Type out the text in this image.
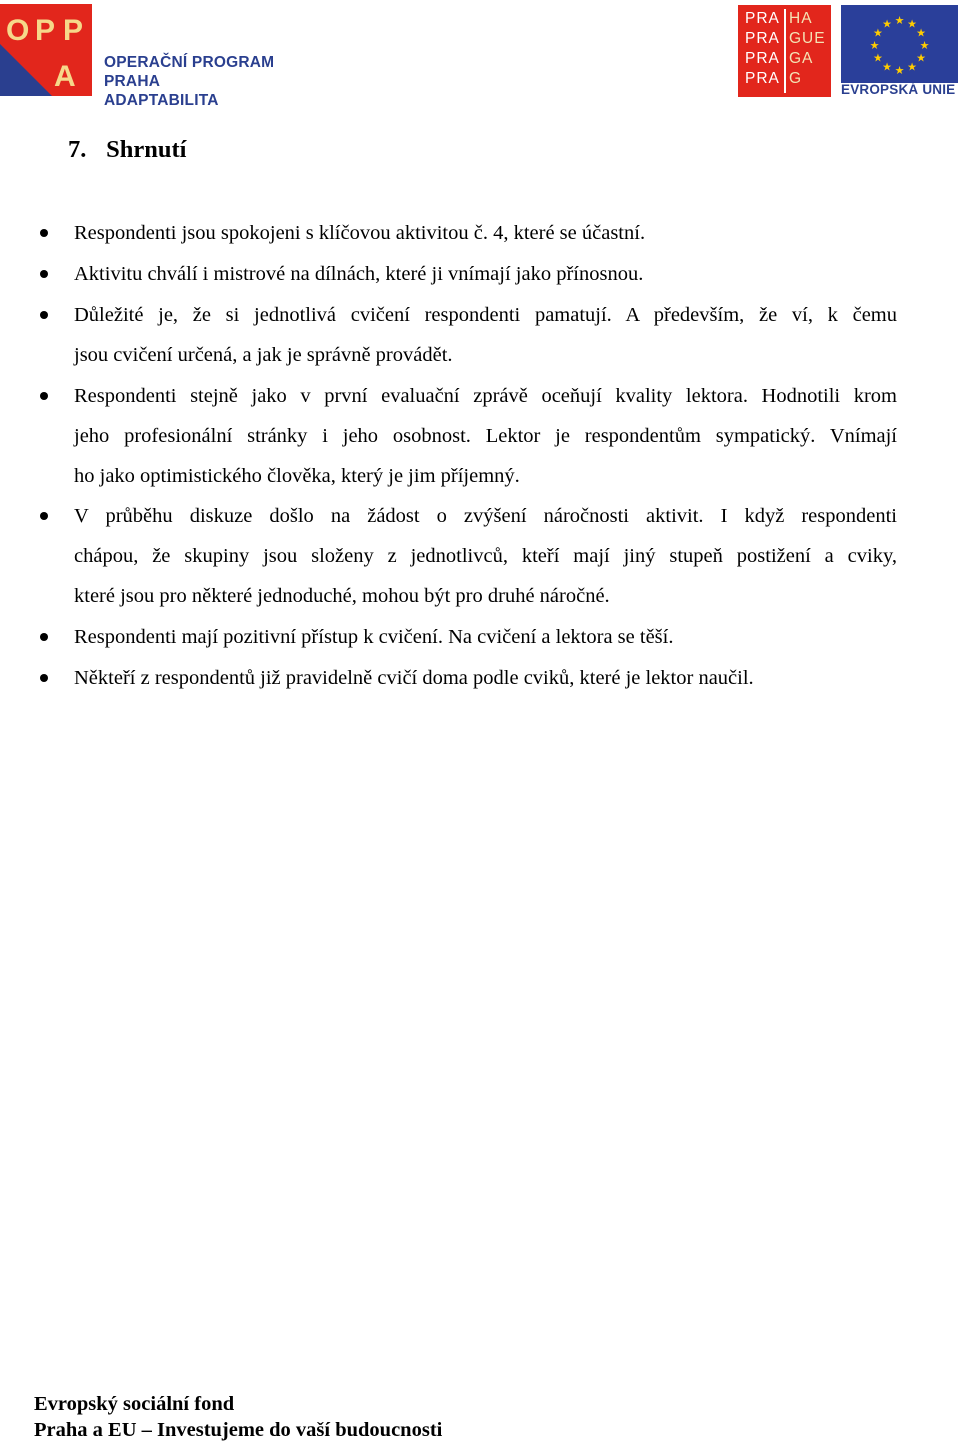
O P P
A OPERAČNÍ PROGRAM PRAHA
ADAPTABILITA
PRA HA
PRA GUE
PRA GA
PRA G
★ ★
★
★
★
★
★
★
★
★
★
★
EVROPSKÁ UNIE
7. Shrnutí
Respondenti jsou spokojeni s klíčovou aktivitou č. 4, které se účastní.
Aktivitu chválí i mistrové na dílnách, které ji vnímají jako přínosnou.
Důležité je, že si jednotlivá cvičení respondenti pamatují. A především, že ví, k čemu
jsou cvičení určená, a jak je správně provádět.
Respondenti stejně jako v první evaluační zprávě oceňují kvality lektora. Hodnotili krom
jeho profesionální stránky i jeho osobnost. Lektor je respondentům sympatický. Vnímají
ho jako optimistického člověka, který je jim příjemný.
V průběhu diskuze došlo na žádost o zvýšení náročnosti aktivit. I když respondenti
chápou, že skupiny jsou složeny z jednotlivců, kteří mají jiný stupeň postižení a cviky,
které jsou pro některé jednoduché, mohou být pro druhé náročné.
Respondenti mají pozitivní přístup k cvičení. Na cvičení a lektora se těší.
Někteří z respondentů již pravidelně cvičí doma podle cviků, které je lektor naučil.
Evropský sociální fond
Praha a EU – Investujeme do vaší budoucnosti
